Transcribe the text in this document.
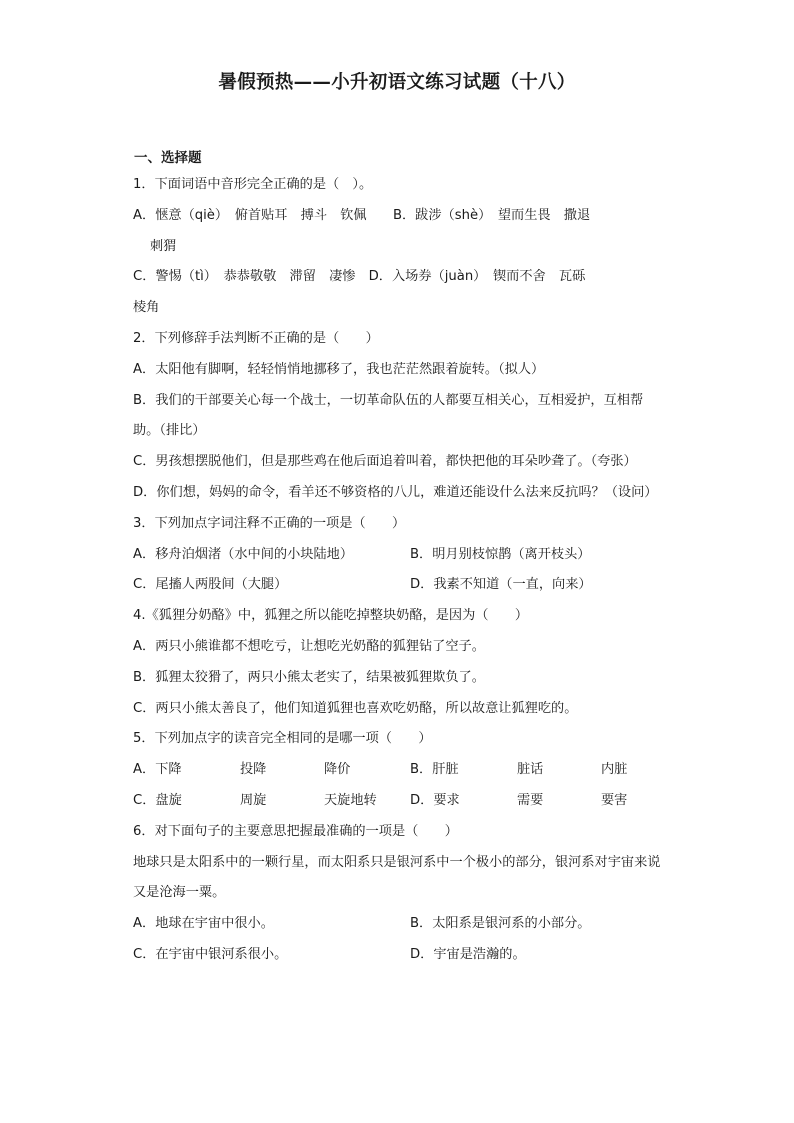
暑假预热——小升初语文练习试题（十八）
一、选择题
1．下面词语中音形完全正确的是（　）。
A．惬意（qiè）　俯首贴耳　搏斗　钦佩　　B．跋涉（shè）　望而生畏　撒退
刺猬
C．警惕（tì）　恭恭敬敬　滞留　凄惨　D．入场券（juàn）　锲而不舍　瓦砾
棱角
2．下列修辞手法判断不正确的是（　　）
A．太阳他有脚啊，轻轻悄悄地挪移了，我也茫茫然跟着旋转。（拟人）
B．我们的干部要关心每一个战士，一切革命队伍的人都要互相关心，互相爱护，互相帮助。（排比）
C．男孩想摆脱他们，但是那些鸡在他后面追着叫着，都快把他的耳朵吵聋了。（夸张）
D．你们想，妈妈的命令，看羊还不够资格的八儿，难道还能设什么法来反抗吗？（设问）
3．下列加点字词注释不正确的一项是（　　）
A．移舟泊烟渚（水中间的小块陆地）	B．明月别枝惊鹊（离开枝头）
C．尾搐人两股间（大腿）	D．我素不知道（一直，向来）
4.《狐狸分奶酪》中，狐狸之所以能吃掉整块奶酪，是因为（　　）
A．两只小熊谁都不想吃亏，让想吃光奶酪的狐狸钻了空子。
B．狐狸太狡猾了，两只小熊太老实了，结果被狐狸欺负了。
C．两只小熊太善良了，他们知道狐狸也喜欢吃奶酪，所以故意让狐狸吃的。
5．下列加点字的读音完全相同的是哪一项（　　）
A．下降	投降	降价	B．肝脏	脏话	内脏
C．盘旋	周旋	天旋地转	D．要求	需要	要害
6．对下面句子的主要意思把握最准确的一项是（　　）
地球只是太阳系中的一颗行星，而太阳系只是银河系中一个极小的部分，银河系对宇宙来说又是沧海一粟。
A．地球在宇宙中很小。	B．太阳系是银河系的小部分。
C．在宇宙中银河系很小。	D．宇宙是浩瀚的。
